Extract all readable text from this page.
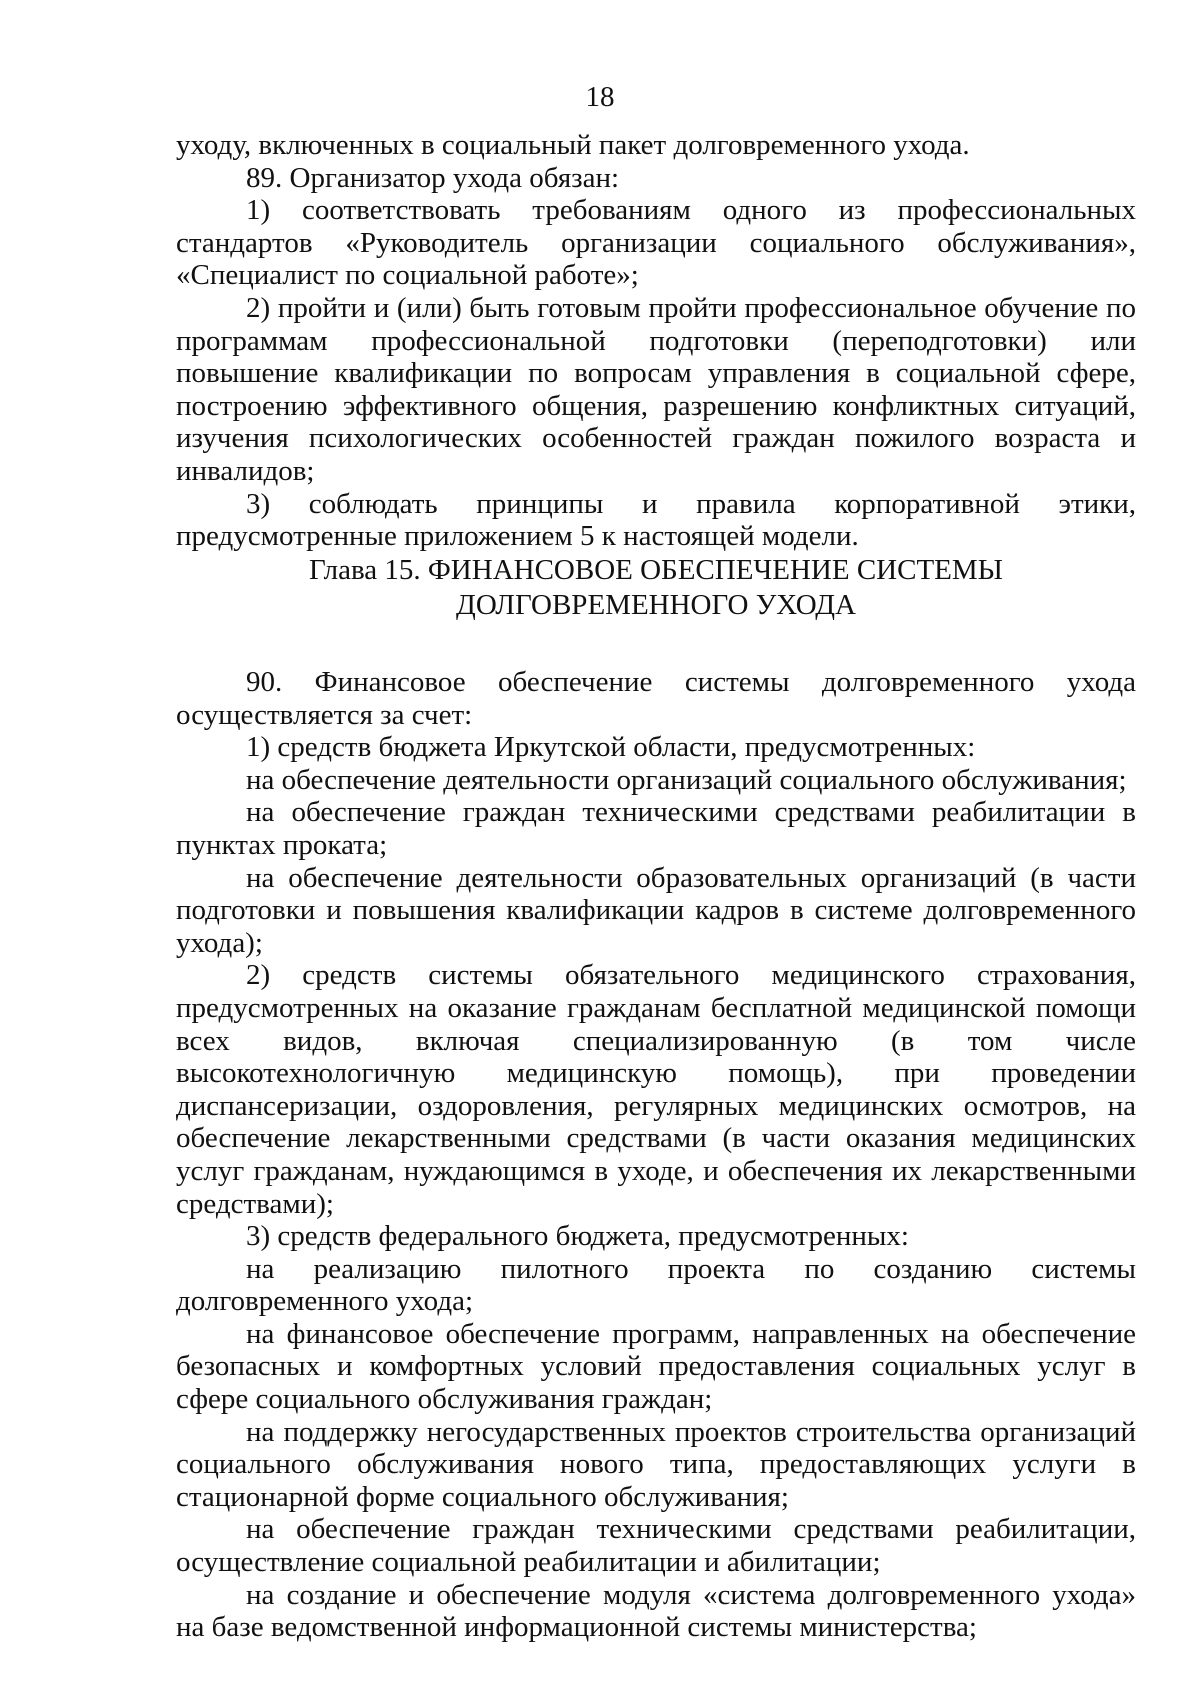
18

уходу, включенных в социальный пакет долговременного ухода.

89. Организатор ухода обязан:

1) соответствовать требованиям одного из профессиональных стандартов «Руководитель организации социального обслуживания», «Специалист по социальной работе»;

2) пройти и (или) быть готовым пройти профессиональное обучение по программам профессиональной подготовки (переподготовки) или повышение квалификации по вопросам управления в социальной сфере, построению эффективного общения, разрешению конфликтных ситуаций, изучения психологических особенностей граждан пожилого возраста и инвалидов;

3) соблюдать принципы и правила корпоративной этики, предусмотренные приложением 5 к настоящей модели.

Глава 15. ФИНАНСОВОЕ ОБЕСПЕЧЕНИЕ СИСТЕМЫ
ДОЛГОВРЕМЕННОГО УХОДА

90. Финансовое обеспечение системы долговременного ухода осуществляется за счет:

1) средств бюджета Иркутской области, предусмотренных:

на обеспечение деятельности организаций социального обслуживания;

на обеспечение граждан техническими средствами реабилитации в пунктах проката;

на обеспечение деятельности образовательных организаций (в части подготовки и повышения квалификации кадров в системе долговременного ухода);

2) средств системы обязательного медицинского страхования, предусмотренных на оказание гражданам бесплатной медицинской помощи всех видов, включая специализированную (в том числе высокотехнологичную медицинскую помощь), при проведении диспансеризации, оздоровления, регулярных медицинских осмотров, на обеспечение лекарственными средствами (в части оказания медицинских услуг гражданам, нуждающимся в уходе, и обеспечения их лекарственными средствами);

3) средств федерального бюджета, предусмотренных:

на реализацию пилотного проекта по созданию системы долговременного ухода;

на финансовое обеспечение программ, направленных на обеспечение безопасных и комфортных условий предоставления социальных услуг в сфере социального обслуживания граждан;

на поддержку негосударственных проектов строительства организаций социального обслуживания нового типа, предоставляющих услуги в стационарной форме социального обслуживания;

на обеспечение граждан техническими средствами реабилитации, осуществление социальной реабилитации и абилитации;

на создание и обеспечение модуля «система долговременного ухода» на базе ведомственной информационной системы министерства;
